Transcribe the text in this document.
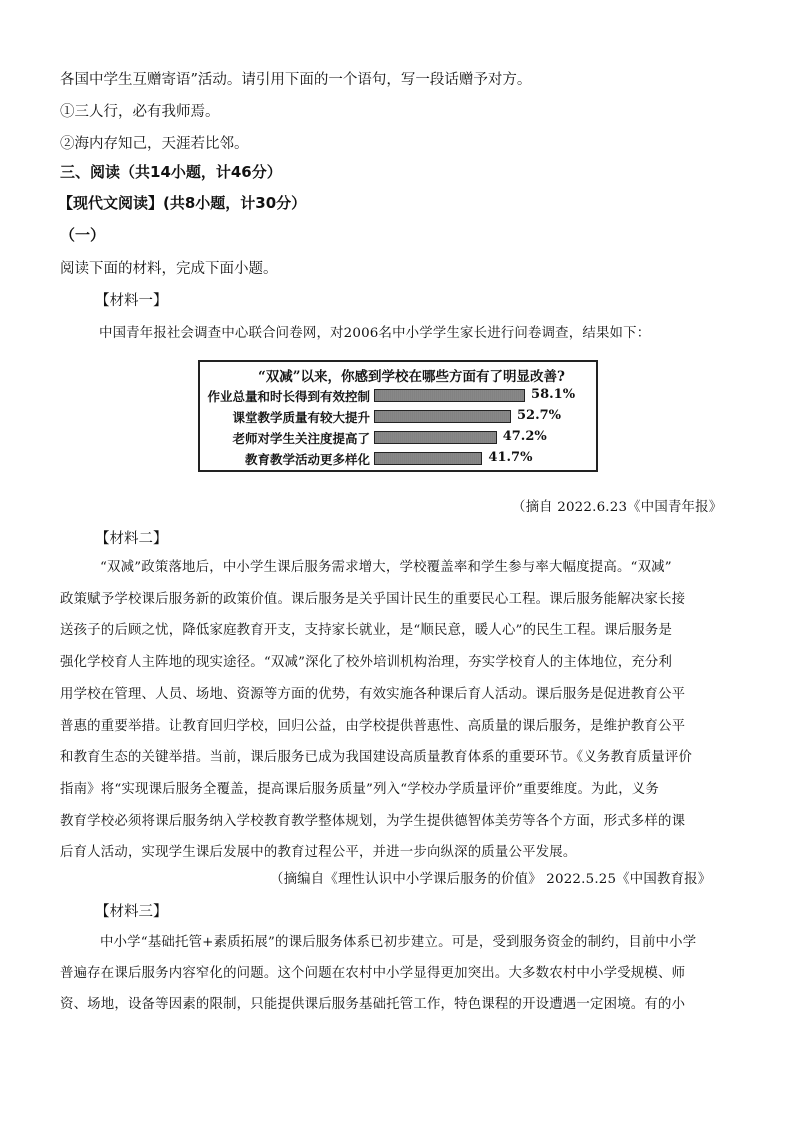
各国中学生互赠寄语”活动。请引用下面的一个语句，写一段话赠予对方。
①三人行，必有我师焉。
②海内存知己，天涯若比邻。
三、阅读（共14小题，计46分）
【现代文阅读】(共8小题，计30分）
（一）
阅读下面的材料，完成下面小题。
【材料一】
中国青年报社会调查中心联合问卷网，对2006名中小学学生家长进行问卷调查，结果如下：
“双减”以来，你感到学校在哪些方面有了明显改善?
作业总量和时长得到有效控制	58.1%
课堂教学质量有较大提升	52.7%
老师对学生关注度提高了	47.2%
教育教学活动更多样化	41.7%
（摘自 2022.6.23《中国青年报》
【材料二】
“双减”政策落地后，中小学生课后服务需求增大，学校覆盖率和学生参与率大幅度提高。“双减”
政策赋予学校课后服务新的政策价值。课后服务是关乎国计民生的重要民心工程。课后服务能解决家长接
送孩子的后顾之忧，降低家庭教育开支，支持家长就业，是“顺民意，暖人心”的民生工程。课后服务是
强化学校育人主阵地的现实途径。“双减”深化了校外培训机构治理，夯实学校育人的主体地位，充分利
用学校在管理、人员、场地、资源等方面的优势，有效实施各种课后育人活动。课后服务是促进教育公平
普惠的重要举措。让教育回归学校，回归公益，由学校提供普惠性、高质量的课后服务，是维护教育公平
和教育生态的关键举措。当前，课后服务已成为我国建设高质量教育体系的重要环节。《义务教育质量评价
指南》将“实现课后服务全覆盖，提高课后服务质量”列入“学校办学质量评价”重要维度。为此，义务
教育学校必须将课后服务纳入学校教育教学整体规划，为学生提供德智体美劳等各个方面，形式多样的课
后育人活动，实现学生课后发展中的教育过程公平，并进一步向纵深的质量公平发展。
（摘编自《理性认识中小学课后服务的价值》 2022.5.25《中国教育报》
【材料三】
中小学“基础托管+素质拓展”的课后服务体系已初步建立。可是，受到服务资金的制约，目前中小学
普遍存在课后服务内容窄化的问题。这个问题在农村中小学显得更加突出。大多数农村中小学受规模、师
资、场地，设备等因素的限制，只能提供课后服务基础托管工作，特色课程的开设遭遇一定困境。有的小
